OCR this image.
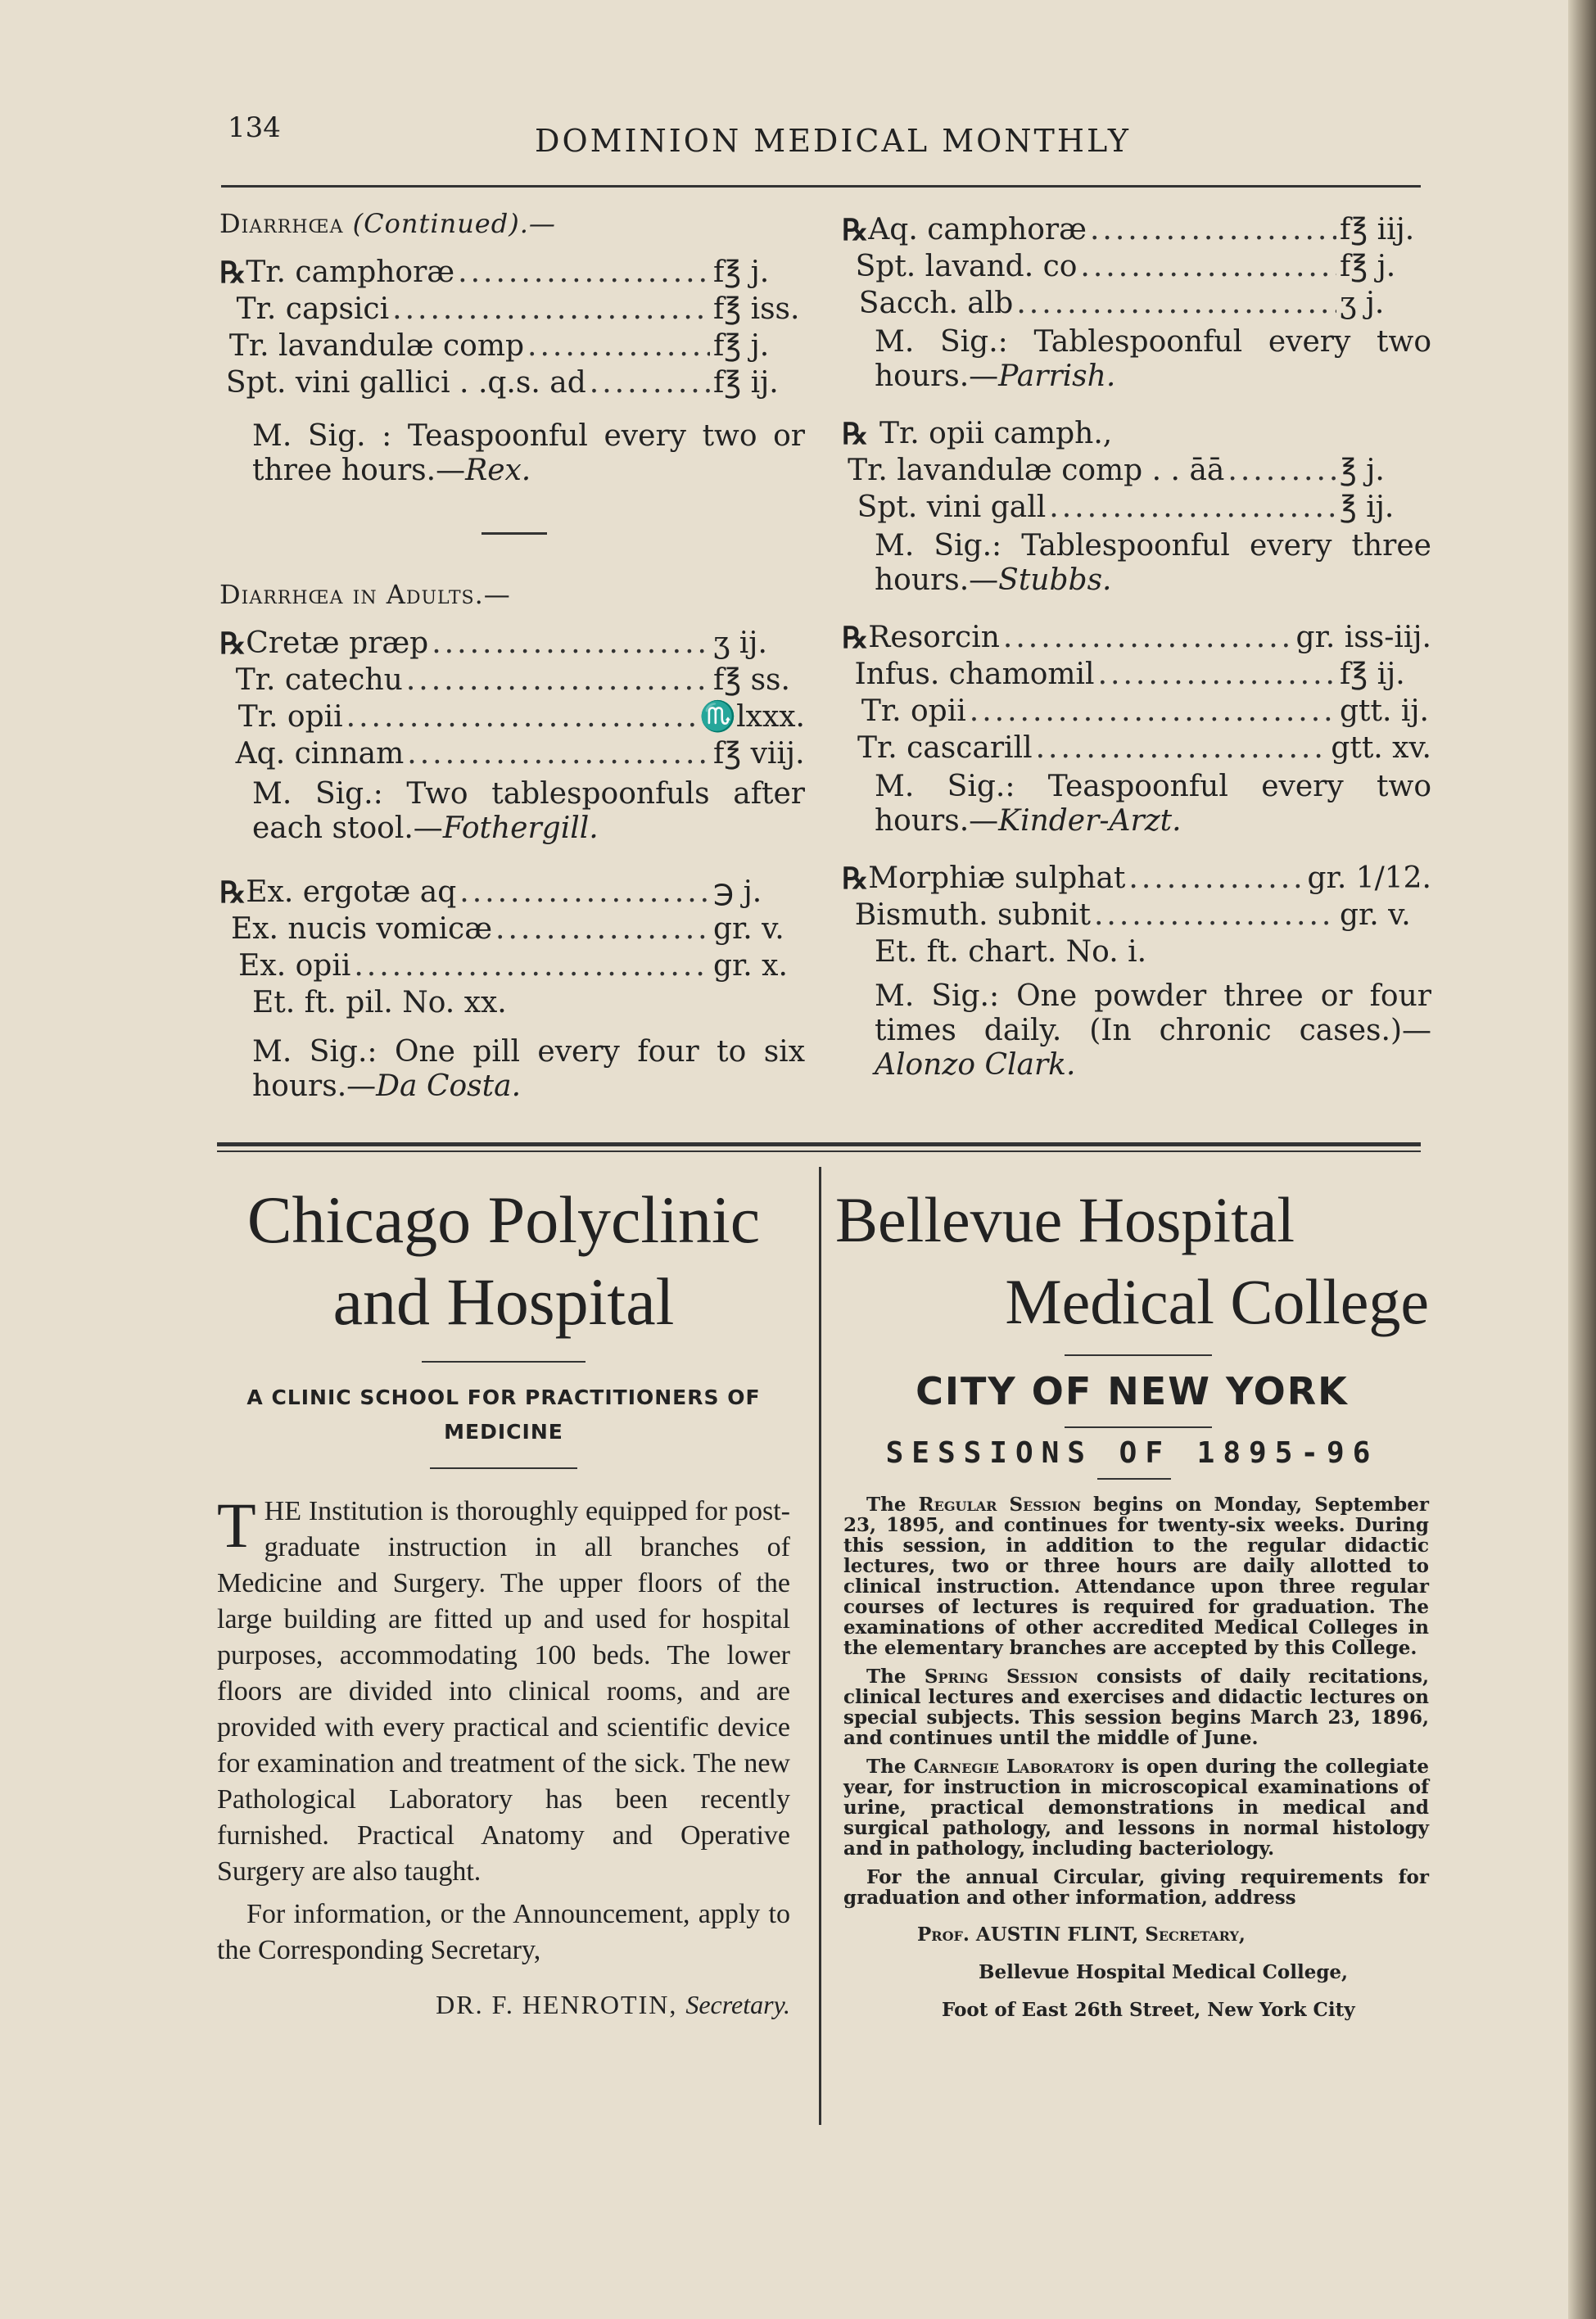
134	DOMINION MEDICAL MONTHLY
Diarrhœa (Continued).—
℞ Tr. camphoræ .....	f℥ j.
Tr. capsici .....	f℥ iss.
Tr. lavandulæ comp .....	f℥ j.
Spt. vini gallici . .q.s. ad .....	f℥ ij.

M. Sig. : Teaspoonful every two or three hours.—Rex.

Diarrhœa in Adults.—
℞ Cretæ præp .....	ʒ ij.
Tr. catechu .....	f℥ ss.
Tr. opii .....	♏lxxx.
Aq. cinnam .....	f℥ viij.

M. Sig.: Two tablespoonfuls after each stool.—Fothergill.

℞ Ex. ergotæ aq .....	℈ j.
Ex. nucis vomicæ .....	gr. v.
Ex. opii .....	gr. x.
Et. ft. pil. No. xx.

M. Sig.: One pill every four to six hours.—Da Costa.

℞ Aq. camphoræ .....	f℥ iij.
Spt. lavand. co .....	f℥ j.
Sacch. alb .....	ʒ j.

M. Sig.: Tablespoonful every two hours.—Parrish.

℞ Tr. opii camph.,
Tr. lavandulæ comp . . āā .....	℥ j.
Spt. vini gall .....	℥ ij.

M. Sig.: Tablespoonful every three hours.—Stubbs.

℞ Resorcin .....	gr. iss-iij.
Infus. chamomil .....	f℥ ij.
Tr. opii .....	gtt. ij.
Tr. cascarill .....	gtt. xv.

M. Sig.: Teaspoonful every two hours.—Kinder-Arzt.

℞ Morphiæ sulphat .....	gr. 1/12.
Bismuth. subnit .....	gr. v.
Et. ft. chart. No. i.

M. Sig.: One powder three or four times daily. (In chronic cases.)—Alonzo Clark.

Chicago Polyclinic
and Hospital
A CLINIC SCHOOL FOR PRACTITIONERS OF MEDICINE

THE Institution is thoroughly equipped for post-graduate instruction in all branches of Medicine and Surgery. The upper floors of the large building are fitted up and used for hospital purposes, accommodating 100 beds. The lower floors are divided into clinical rooms, and are provided with every practical and scientific device for examination and treatment of the sick. The new Pathological Laboratory has been recently furnished. Practical Anatomy and Operative Surgery are also taught.

For information, or the Announcement, apply to the Corresponding Secretary,

DR. F. HENROTIN, Secretary.
Bellevue Hospital
Medical College
CITY OF NEW YORK
SESSIONS OF 1895-96

The Regular Session begins on Monday, September 23, 1895, and continues for twenty-six weeks. During this session, in addition to the regular didactic lectures, two or three hours are daily allotted to clinical instruction. Attendance upon three regular courses of lectures is required for graduation. The examinations of other accredited Medical Colleges in the elementary branches are accepted by this College.

The Spring Session consists of daily recitations, clinical lectures and exercises and didactic lectures on special subjects. This session begins March 23, 1896, and continues until the middle of June.

The Carnegie Laboratory is open during the collegiate year, for instruction in microscopical examinations of urine, practical demonstrations in medical and surgical pathology, and lessons in normal histology and in pathology, including bacteriology.

For the annual Circular, giving requirements for graduation and other information, address

Prof. AUSTIN FLINT, Secretary,
Bellevue Hospital Medical College,
Foot of East 26th Street, New York City
